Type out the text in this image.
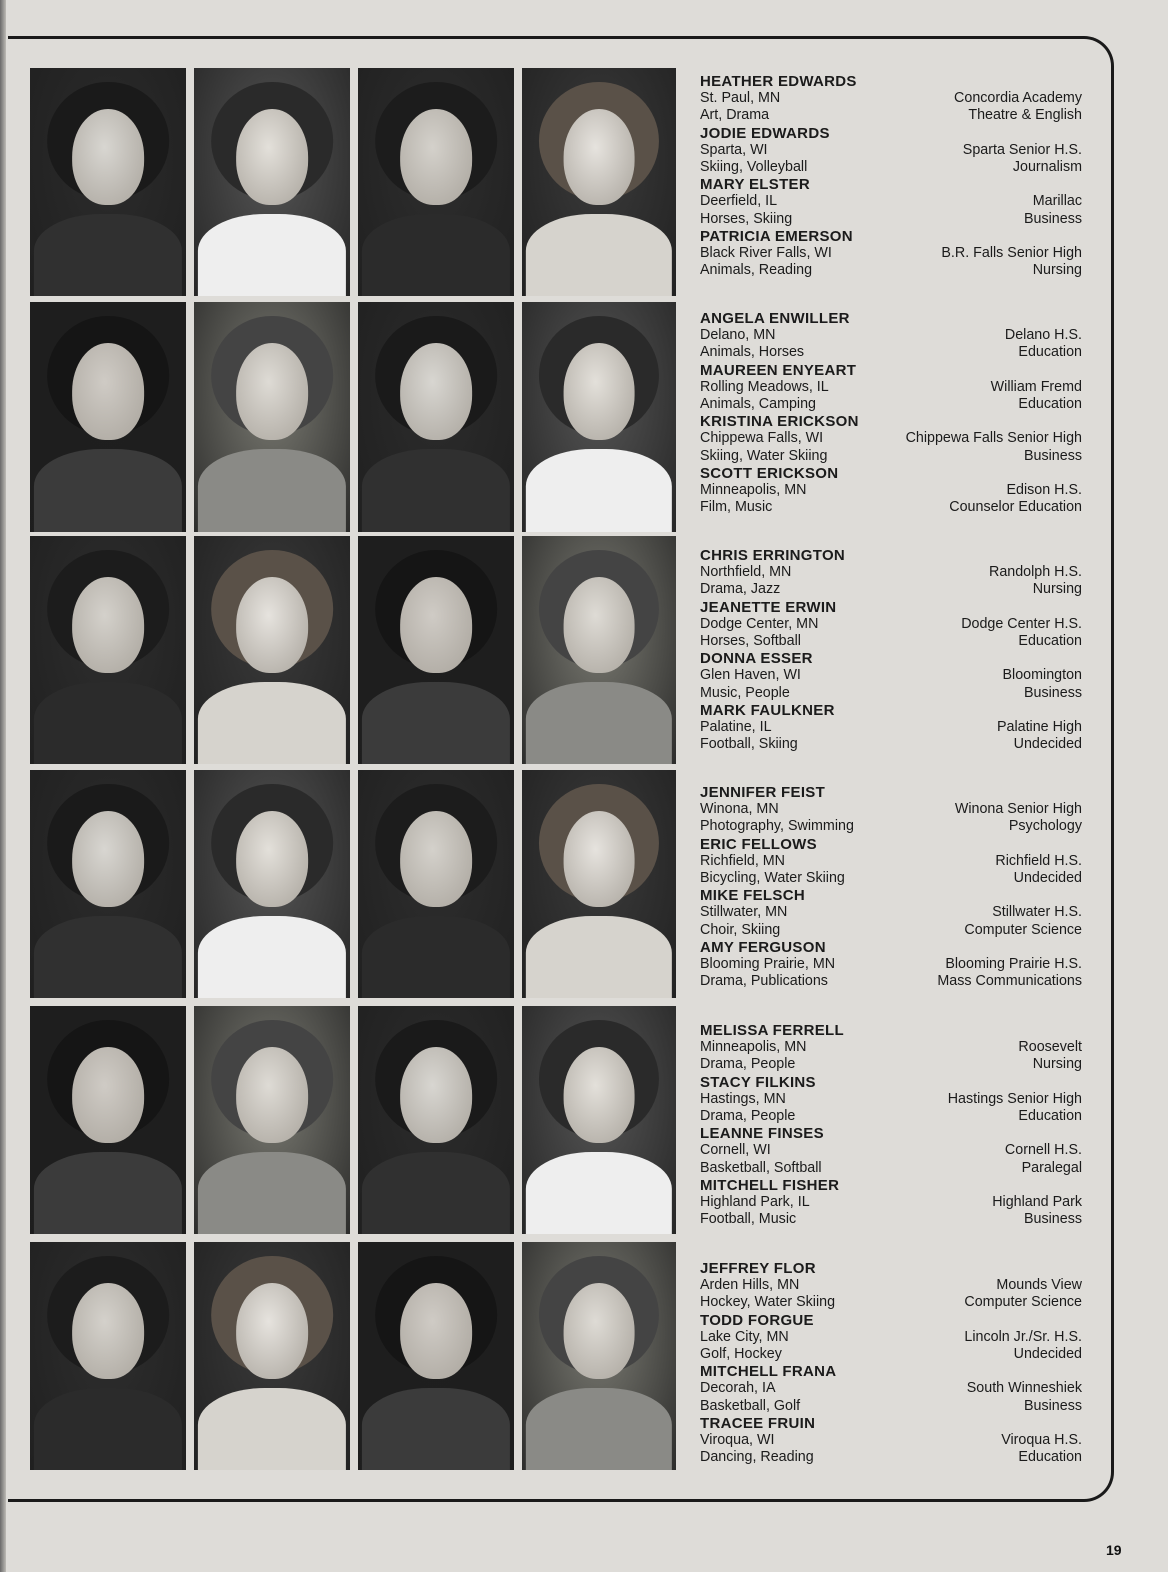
HEATHER EDWARDS
St. Paul, MN	Concordia Academy
Art, Drama	Theatre & English
JODIE EDWARDS
Sparta, WI	Sparta Senior H.S.
Skiing, Volleyball	Journalism
MARY ELSTER
Deerfield, IL	Marillac
Horses, Skiing	Business
PATRICIA EMERSON
Black River Falls, WI	B.R. Falls Senior High
Animals, Reading	Nursing
ANGELA ENWILLER
Delano, MN	Delano H.S.
Animals, Horses	Education
MAUREEN ENYEART
Rolling Meadows, IL	William Fremd
Animals, Camping	Education
KRISTINA ERICKSON
Chippewa Falls, WI	Chippewa Falls Senior High
Skiing, Water Skiing	Business
SCOTT ERICKSON
Minneapolis, MN	Edison H.S.
Film, Music	Counselor Education
CHRIS ERRINGTON
Northfield, MN	Randolph H.S.
Drama, Jazz	Nursing
JEANETTE ERWIN
Dodge Center, MN	Dodge Center H.S.
Horses, Softball	Education
DONNA ESSER
Glen Haven, WI	Bloomington
Music, People	Business
MARK FAULKNER
Palatine, IL	Palatine High
Football, Skiing	Undecided
JENNIFER FEIST
Winona, MN	Winona Senior High
Photography, Swimming	Psychology
ERIC FELLOWS
Richfield, MN	Richfield H.S.
Bicycling, Water Skiing	Undecided
MIKE FELSCH
Stillwater, MN	Stillwater H.S.
Choir, Skiing	Computer Science
AMY FERGUSON
Blooming Prairie, MN	Blooming Prairie H.S.
Drama, Publications	Mass Communications
MELISSA FERRELL
Minneapolis, MN	Roosevelt
Drama, People	Nursing
STACY FILKINS
Hastings, MN	Hastings Senior High
Drama, People	Education
LEANNE FINSES
Cornell, WI	Cornell H.S.
Basketball, Softball	Paralegal
MITCHELL FISHER
Highland Park, IL	Highland Park
Football, Music	Business
JEFFREY FLOR
Arden Hills, MN	Mounds View
Hockey, Water Skiing	Computer Science
TODD FORGUE
Lake City, MN	Lincoln Jr./Sr. H.S.
Golf, Hockey	Undecided
MITCHELL FRANA
Decorah, IA	South Winneshiek
Basketball, Golf	Business
TRACEE FRUIN
Viroqua, WI	Viroqua H.S.
Dancing, Reading	Education
19
